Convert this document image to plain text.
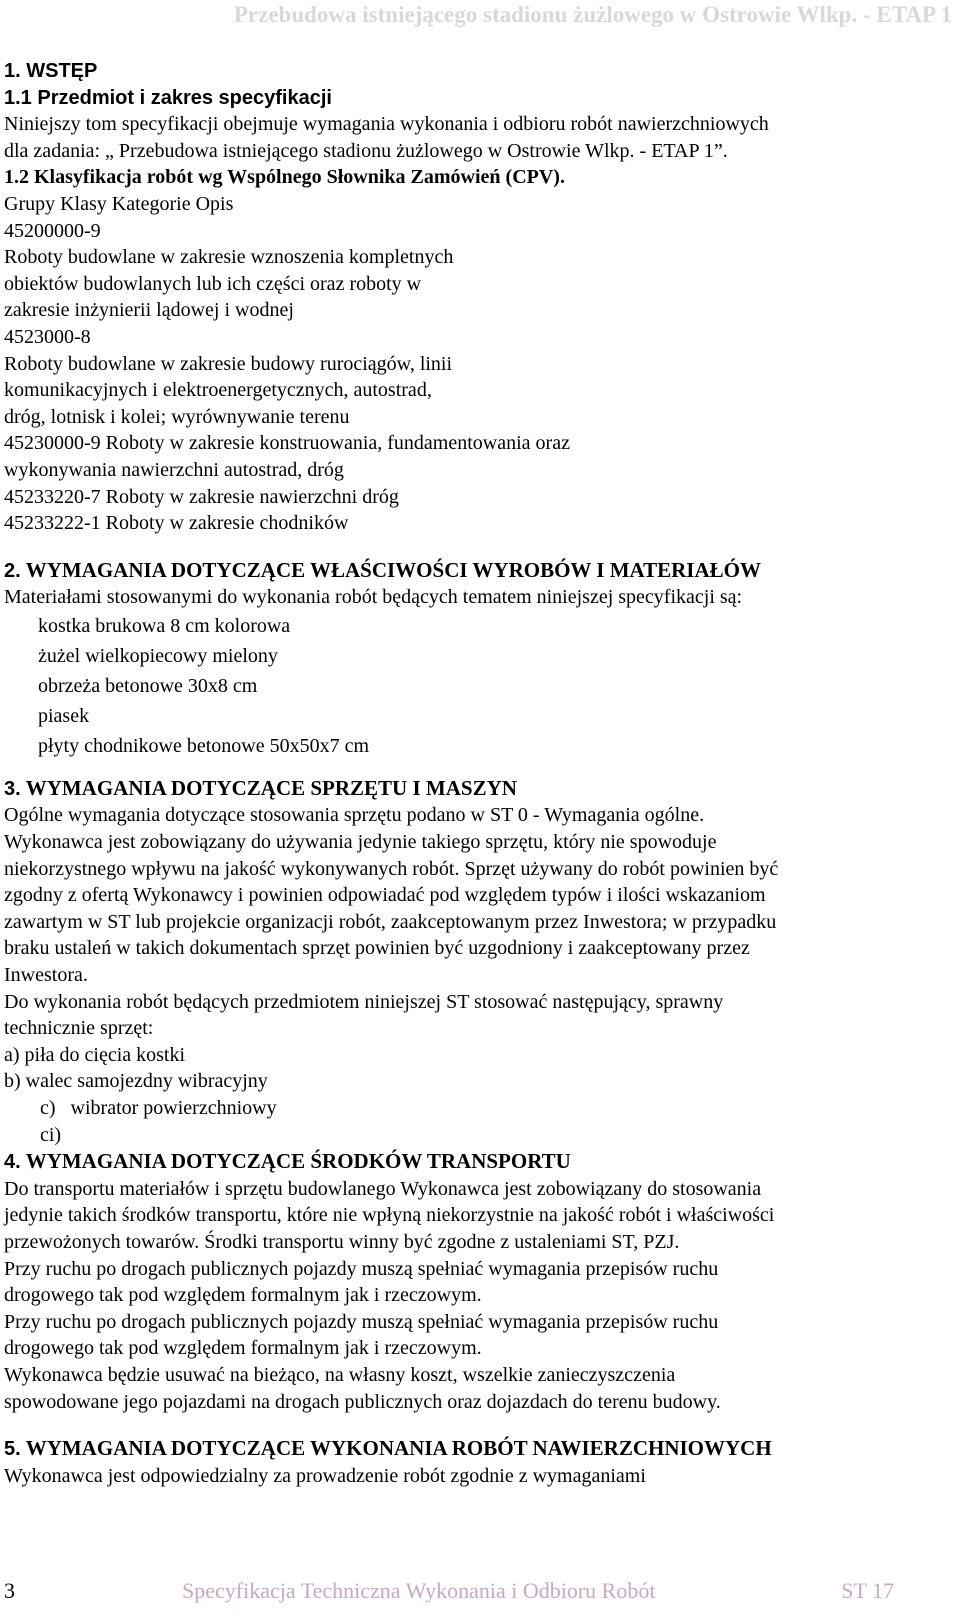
Przebudowa istniejącego stadionu żużlowego w Ostrowie Wlkp. - ETAP 1
1. WSTĘP
1.1 Przedmiot i zakres specyfikacji
Niniejszy tom specyfikacji obejmuje wymagania wykonania i odbioru robót nawierzchniowych
dla zadania: „ Przebudowa istniejącego stadionu żużlowego w Ostrowie Wlkp. - ETAP 1”.
1.2 Klasyfikacja robót wg Wspólnego Słownika Zamówień (CPV).
Grupy Klasy Kategorie Opis
45200000-9
Roboty budowlane w zakresie wznoszenia kompletnych
obiektów budowlanych lub ich części oraz roboty w
zakresie inżynierii lądowej i wodnej
4523000-8
Roboty budowlane w zakresie budowy rurociągów, linii
komunikacyjnych i elektroenergetycznych, autostrad,
dróg, lotnisk i kolei; wyrównywanie terenu
45230000-9 Roboty w zakresie konstruowania, fundamentowania oraz
wykonywania nawierzchni autostrad, dróg
45233220-7 Roboty w zakresie nawierzchni dróg
45233222-1 Roboty w zakresie chodników
2. WYMAGANIA DOTYCZĄCE WŁAŚCIWOŚCI WYROBÓW I MATERIAŁÓW
Materiałami stosowanymi do wykonania robót będących tematem niniejszej specyfikacji są:
kostka brukowa 8 cm kolorowa
żużel wielkopiecowy mielony
obrzeża betonowe 30x8 cm
piasek
płyty chodnikowe betonowe 50x50x7 cm
3. WYMAGANIA DOTYCZĄCE SPRZĘTU I MASZYN
Ogólne wymagania dotyczące stosowania sprzętu podano w ST 0 - Wymagania ogólne.
Wykonawca jest zobowiązany do używania jedynie takiego sprzętu, który nie spowoduje
niekorzystnego wpływu na jakość wykonywanych robót. Sprzęt używany do robót powinien być
zgodny z ofertą Wykonawcy i powinien odpowiadać pod względem typów i ilości wskazaniom
zawartym w ST lub projekcie organizacji robót, zaakceptowanym przez Inwestora; w przypadku
braku ustaleń w takich dokumentach sprzęt powinien być uzgodniony i zaakceptowany przez
Inwestora.
Do wykonania robót będących przedmiotem niniejszej ST stosować następujący, sprawny
technicznie sprzęt:
a) piła do cięcia kostki
b) walec samojezdny wibracyjny
c)   wibrator powierzchniowy
ci)
4. WYMAGANIA DOTYCZĄCE ŚRODKÓW TRANSPORTU
Do transportu materiałów i sprzętu budowlanego Wykonawca jest zobowiązany do stosowania
jedynie takich środków transportu, które nie wpłyną niekorzystnie na jakość robót i właściwości
przewożonych towarów. Środki transportu winny być zgodne z ustaleniami ST, PZJ.
Przy ruchu po drogach publicznych pojazdy muszą spełniać wymagania przepisów ruchu
drogowego tak pod względem formalnym jak i rzeczowym.
Przy ruchu po drogach publicznych pojazdy muszą spełniać wymagania przepisów ruchu
drogowego tak pod względem formalnym jak i rzeczowym.
Wykonawca będzie usuwać na bieżąco, na własny koszt, wszelkie zanieczyszczenia
spowodowane jego pojazdami na drogach publicznych oraz dojazdach do terenu budowy.
5. WYMAGANIA DOTYCZĄCE WYKONANIA ROBÓT NAWIERZCHNIOWYCH
Wykonawca jest odpowiedzialny za prowadzenie robót zgodnie z wymaganiami
3	Specyfikacja Techniczna Wykonania i Odbioru Robót	ST 17
